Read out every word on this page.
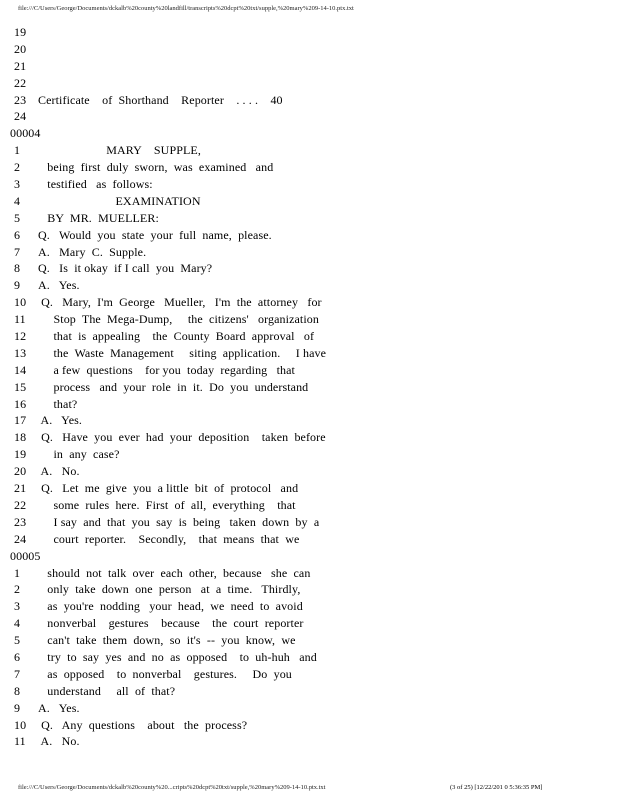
file:///C/Users/George/Documents/dckalb%20county%20landfill/transcripts%20dcpt%20txt/supple,%20mary%209-14-10.ptx.txt
19
20
21
22
23 Certificate    of  Shorthand    Reporter    . . . .    40
24
00004
1	MARY    SUPPLE,
2	being  first  duly  sworn,  was  examined   and
3	testified   as  follows:
4	EXAMINATION
5	BY  MR.  MUELLER:
6	Q.   Would  you  state  your  full  name,  please.
7	A.   Mary  C.  Supple.
8	Q.   Is  it okay  if I call  you  Mary?
9	A.   Yes.
10 Q.   Mary,  I'm  George   Mueller,   I'm  the  attorney   for
11	Stop  The  Mega-Dump,     the  citizens'   organization
12 that  is  appealing    the  County  Board  approval   of
13 the  Waste  Management     siting  application.     I have
14 a few  questions    for you  today  regarding   that
15 process   and  your  role  in  it.  Do  you  understand
16 that?
17 A.   Yes.
18 Q.   Have  you  ever  had  your  deposition    taken  before
19 in  any  case?
20 A.   No.
21 Q.   Let  me  give  you  a little  bit  of  protocol   and
22 some  rules  here.  First  of  all,  everything    that
23 I say  and  that  you  say  is  being   taken  down  by  a
24 court  reporter.    Secondly,    that  means  that  we
00005
1	should  not  talk  over  each  other,  because   she  can
2	only  take  down  one  person   at  a  time.   Thirdly,
3	as  you're  nodding   your  head,  we  need  to  avoid
4	nonverbal    gestures    because    the  court  reporter
5	can't  take  them  down,  so  it's  --  you  know,  we
6	try  to  say  yes  and  no  as  opposed    to  uh-huh   and
7	as  opposed    to  nonverbal    gestures.     Do  you
8	understand     all  of  that?
9	A.   Yes.
10 Q.   Any  questions    about   the  process?
11	A.   No.
file:///C/Users/George/Documents/dckalb%20county%20...cripts%20dcpt%20txt/supple,%20mary%209-14-10.ptx.txt	(3 of 25) [12/22/201 0 5:36:35 PM]
